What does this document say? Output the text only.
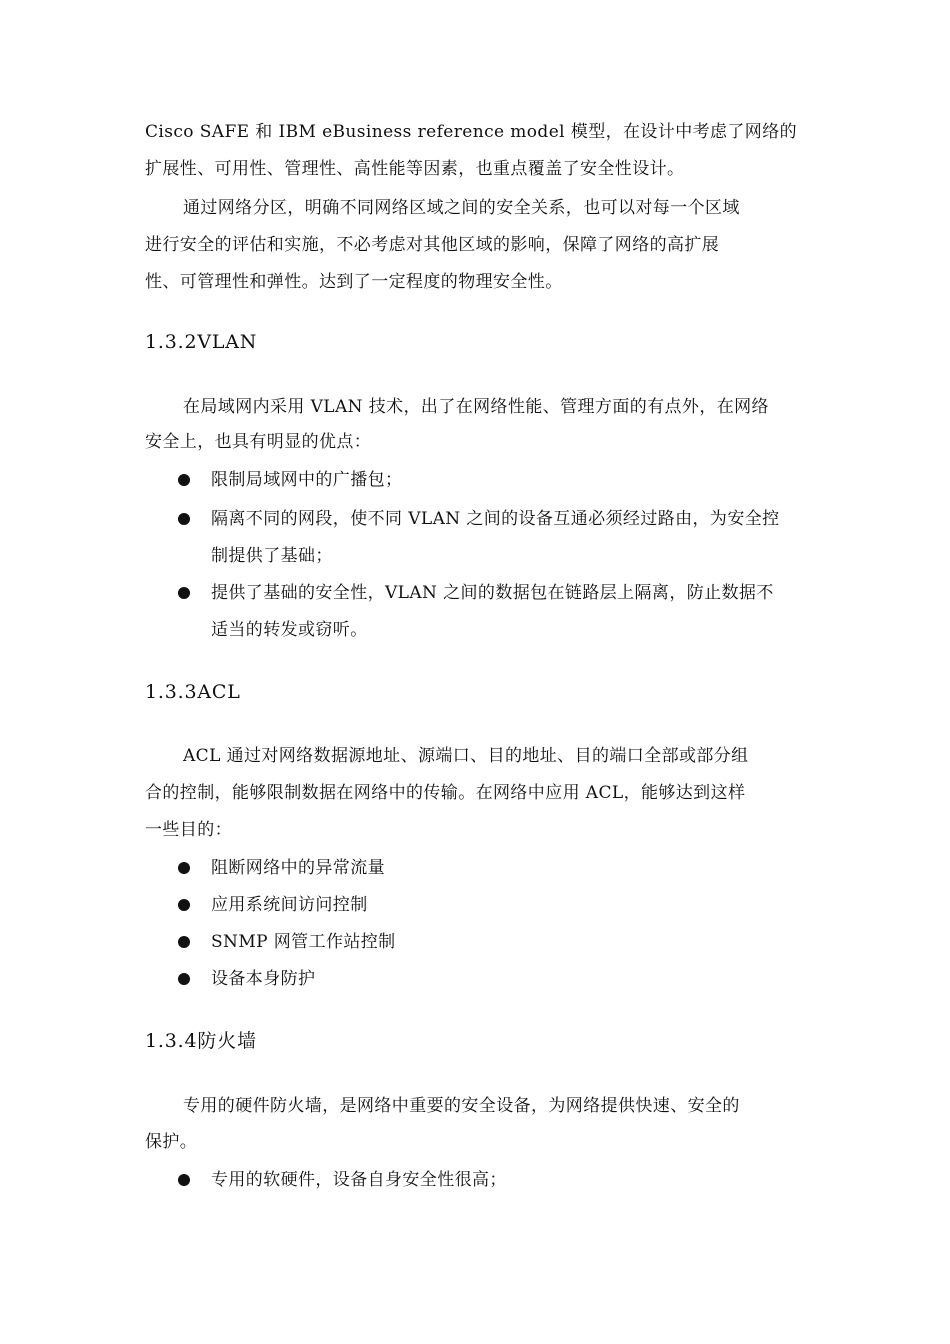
Cisco SAFE 和 IBM eBusiness reference model 模型，在设计中考虑了网络的
扩展性、可用性、管理性、高性能等因素，也重点覆盖了安全性设计。
通过网络分区，明确不同网络区域之间的安全关系，也可以对每一个区域
进行安全的评估和实施，不必考虑对其他区域的影响，保障了网络的高扩展
性、可管理性和弹性。达到了一定程度的物理安全性。
1.3.2VLAN
在局域网内采用 VLAN 技术，出了在网络性能、管理方面的有点外，在网络
安全上，也具有明显的优点：
限制局域网中的广播包；
隔离不同的网段，使不同 VLAN 之间的设备互通必须经过路由，为安全控
制提供了基础；
提供了基础的安全性，VLAN 之间的数据包在链路层上隔离，防止数据不
适当的转发或窃听。
1.3.3ACL
ACL 通过对网络数据源地址、源端口、目的地址、目的端口全部或部分组
合的控制，能够限制数据在网络中的传输。在网络中应用 ACL，能够达到这样
一些目的：
阻断网络中的异常流量
应用系统间访问控制
SNMP 网管工作站控制
设备本身防护
1.3.4防火墙
专用的硬件防火墙，是网络中重要的安全设备，为网络提供快速、安全的
保护。
专用的软硬件，设备自身安全性很高；
